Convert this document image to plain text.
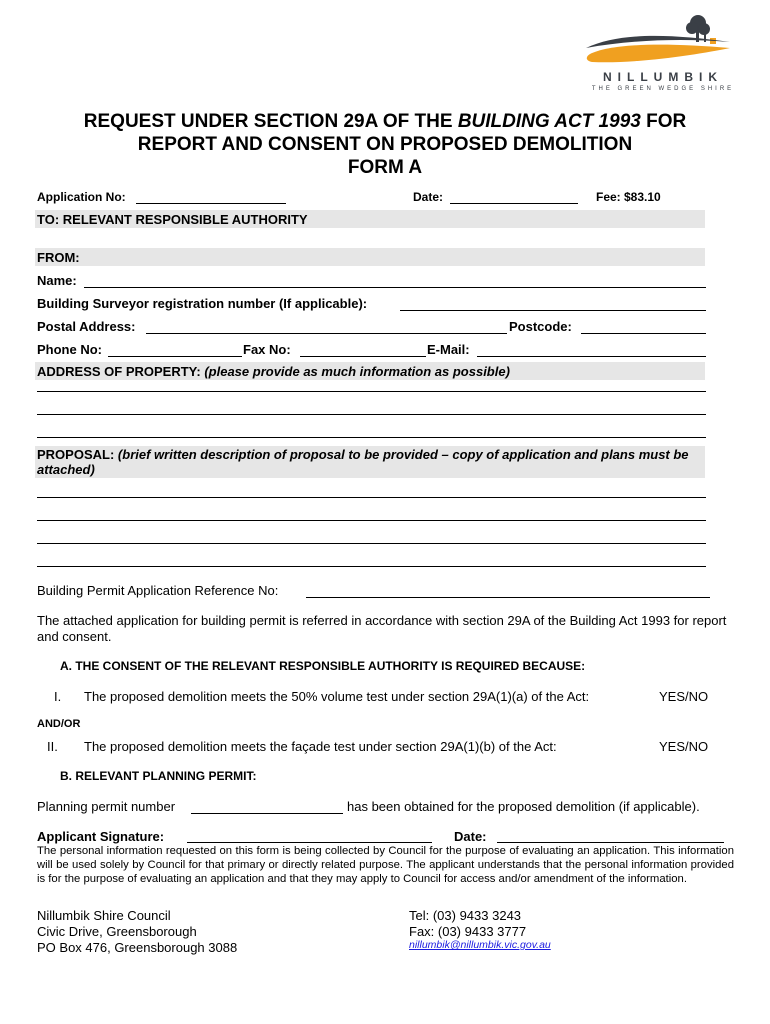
NILLUMBIK
THE GREEN WEDGE SHIRE
REQUEST UNDER SECTION 29A OF THE BUILDING ACT 1993 FOR
REPORT AND CONSENT ON PROPOSED DEMOLITION
FORM A
Application No:	Date:	Fee: $83.10
TO: RELEVANT RESPONSIBLE AUTHORITY
FROM:
Name:
Building Surveyor registration number (If applicable):
Postal Address:	Postcode:
Phone No:	Fax No:	E-Mail:
ADDRESS OF PROPERTY: (please provide as much information as possible)
PROPOSAL: (brief written description of proposal to be provided – copy of application and plans must be attached)
Building Permit Application Reference No:
The attached application for building permit is referred in accordance with section 29A of the Building Act 1993 for report and consent.
A. THE CONSENT OF THE RELEVANT RESPONSIBLE AUTHORITY IS REQUIRED BECAUSE:
I. The proposed demolition meets the 50% volume test under section 29A(1)(a) of the Act:	YES/NO
AND/OR
II. The proposed demolition meets the façade test under section 29A(1)(b) of the Act:	YES/NO
B. RELEVANT PLANNING PERMIT:
Planning permit number	has been obtained for the proposed demolition (if applicable).
Applicant Signature:	Date:
The personal information requested on this form is being collected by Council for the purpose of evaluating an application. This information will be used solely by Council for that primary or directly related purpose. The applicant understands that the personal information provided is for the purpose of evaluating an application and that they may apply to Council for access and/or amendment of the information.
Nillumbik Shire Council
Civic Drive, Greensborough
PO Box 476, Greensborough 3088
Tel: (03) 9433 3243
Fax: (03) 9433 3777
nillumbik@nillumbik.vic.gov.au
